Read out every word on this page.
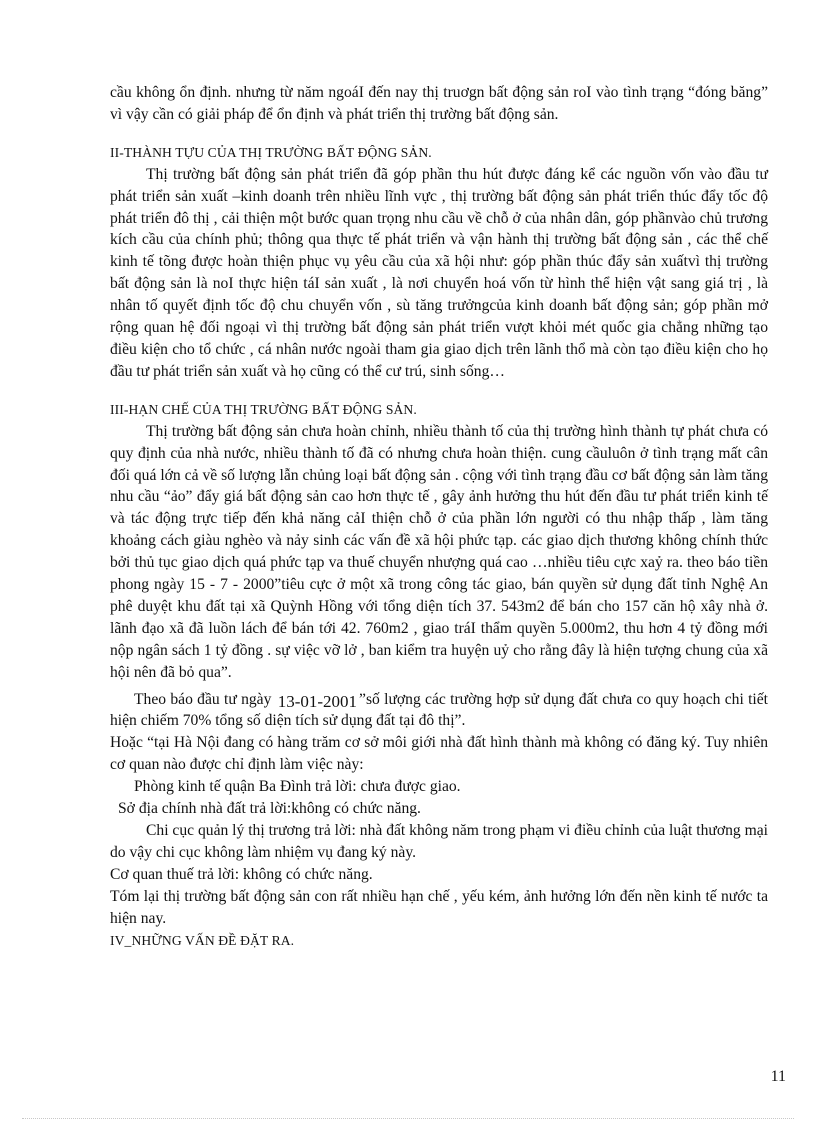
cầu không ổn định. nhưng từ năm ngoáI đến nay thị truơgn bất động sản roI vào tình trạng “đóng băng” vì vậy cần có giải pháp để ổn định và phát triển thị trường bất động sản.

II-THÀNH TỰU CỦA THỊ TRƯỜNG BẤT ĐỘNG SẢN.

Thị trường bất động sản phát triển đã góp phần thu hút được đáng kể các nguồn vốn vào đầu tư phát triển sản xuất –kinh doanh trên nhiều lĩnh vực , thị trường bất động sản phát triển thúc đẩy tốc độ phát triển đô thị , cải thiện một bước quan trọng nhu cầu về chỗ ở của nhân dân, góp phầnvào chủ trương kích cầu của chính phủ; thông qua thực tế phát triển và vận hành thị trường bất động sản , các thể chế kinh tế tõng được hoàn thiện phục vụ yêu cầu của xã hội như: góp phần thúc đẩy sản xuấtvì thị trường bất động sản là noI thực hiện táI sản xuất , là nơi chuyển hoá vốn từ hình thể hiện vật sang giá trị , là nhân tố quyết định tốc độ chu chuyển vốn , sù tăng trưởngcủa kinh doanh bất động sản; góp phần mở rộng quan hệ đối ngoại vì thị trường bất động sản phát triển vượt khỏi mét quốc gia chẳng những tạo điều kiện cho tổ chức , cá nhân nước ngoài tham gia giao dịch trên lãnh thổ mà còn tạo điều kiện cho họ đầu tư phát triển sản xuất và họ cũng có thể cư trú, sinh sống…

III-HẠN CHẾ CỦA THỊ TRƯỜNG BẤT ĐỘNG SẢN.

Thị trường bất động sản chưa hoàn chỉnh, nhiều thành tố của thị trường hình thành tự phát chưa có quy định của nhà nước, nhiều thành tố đã có nhưng chưa hoàn thiện. cung cầuluôn ở tình trạng mất cân đối quá lớn cả về số lượng lẫn chủng loại bất động sản . cộng với tình trạng đầu cơ bất động sản làm tăng nhu cầu “ảo” đẩy giá bất động sản cao hơn thực tế , gây ảnh hưởng thu hút đến đầu tư phát triển kinh tế và tác động trực tiếp đến khả năng cảI thiện chỗ ở của phần lớn người có thu nhập thấp , làm tăng khoảng cách giàu nghèo và nảy sinh các vấn đề xã hội phức tạp. các giao dịch thương không chính thức bởi thủ tục giao dịch quá phức tạp va thuế chuyển nhượng quá cao …nhiều tiêu cực xaỷ ra. theo báo tiền phong ngày 15 - 7 - 2000”tiêu cực ở một xã trong công tác giao, bán quyền sử dụng đất tỉnh Nghệ An phê duyệt khu đất tại xã Quỳnh Hồng với tổng diện tích 37. 543m2 để bán cho 157 căn hộ xây nhà ở. lãnh đạo xã đã luồn lách để bán tới 42. 760m2 , giao tráI thẩm quyền 5.000m2, thu hơn 4 tỷ đồng mới nộp ngân sách 1 tỷ đồng . sự việc vỡ lở , ban kiểm tra huyện uỷ cho rằng đây là hiện tượng chung của xã hội nên đã bỏ qua”.

Theo báo đầu tư ngày 13-01-2001 ”số lượng các trường hợp sử dụng đất chưa co quy hoạch chi tiết hiện chiếm 70% tổng số diện tích sử dụng đất tại đô thị”.

Hoặc “tại Hà Nội đang có hàng trăm cơ sở môi giới nhà đất hình thành mà không có đăng ký. Tuy nhiên cơ quan nào được chỉ định làm việc này:

Phòng kinh tế quận Ba Đình trả lời: chưa được giao.

Sở địa chính nhà đất trả lời:không có chức năng.

Chi cục quản lý thị trương trả lời: nhà đất không năm trong phạm vi điều chỉnh của luật thương mại do vậy chi cục không làm nhiệm vụ đang ký này.

Cơ quan thuế trả lời: không có chức năng.

Tóm lại thị trường bất động sản con rất nhiều hạn chế , yếu kém, ảnh hưởng lớn đến nền kinh tế nước ta hiện nay.

IV_NHỮNG VẤN ĐỀ ĐẶT RA.

11
